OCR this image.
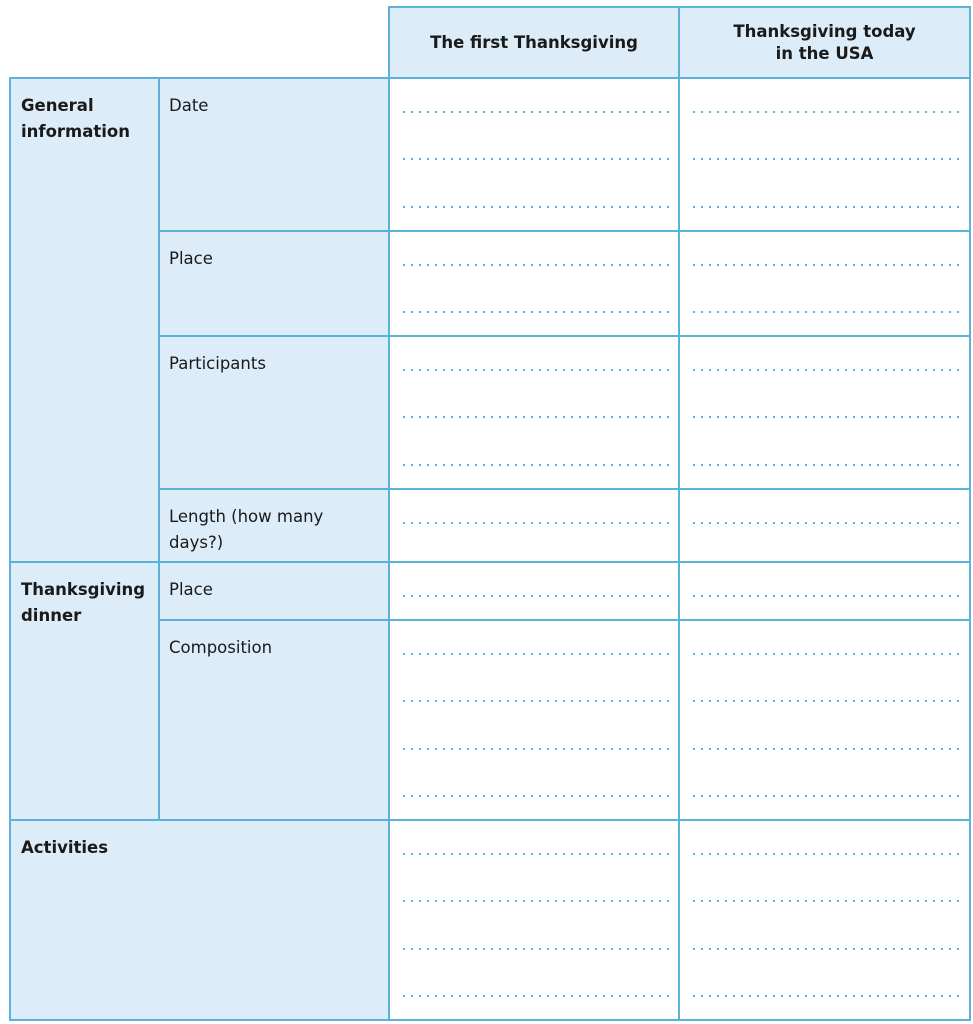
		The first Thanksgiving	Thanksgiving today in the USA

General information	Date	

	Place	

	Participants	

	Length (how many days?)		

Thanksgiving dinner	Place	

	Composition	

Activities		
